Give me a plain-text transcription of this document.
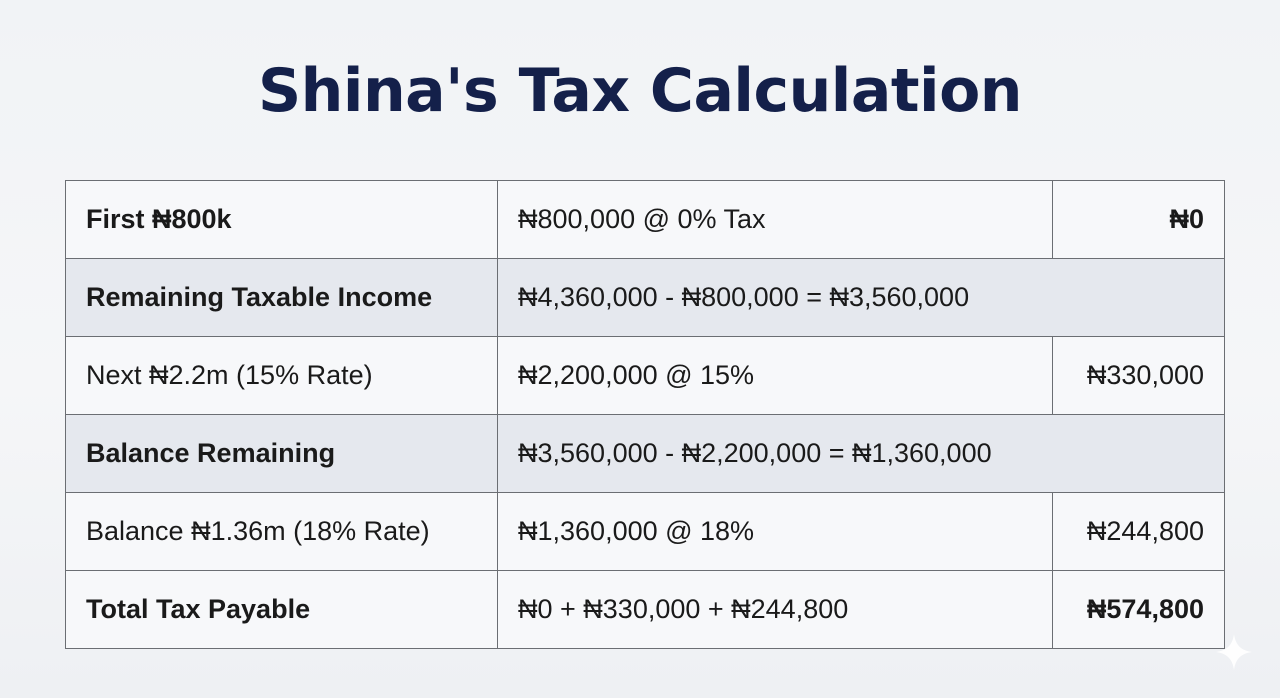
Shina's Tax Calculation
First ₦800k	₦800,000 @ 0% Tax	₦0
Remaining Taxable Income	₦4,360,000 - ₦800,000 = ₦3,560,000	
Next ₦2.2m (15% Rate)	₦2,200,000 @ 15%	₦330,000
Balance Remaining	₦3,560,000 - ₦2,200,000 = ₦1,360,000	
Balance ₦1.36m (18% Rate)	₦1,360,000 @ 18%	₦244,800
Total Tax Payable	₦0 + ₦330,000 + ₦244,800	₦574,800
